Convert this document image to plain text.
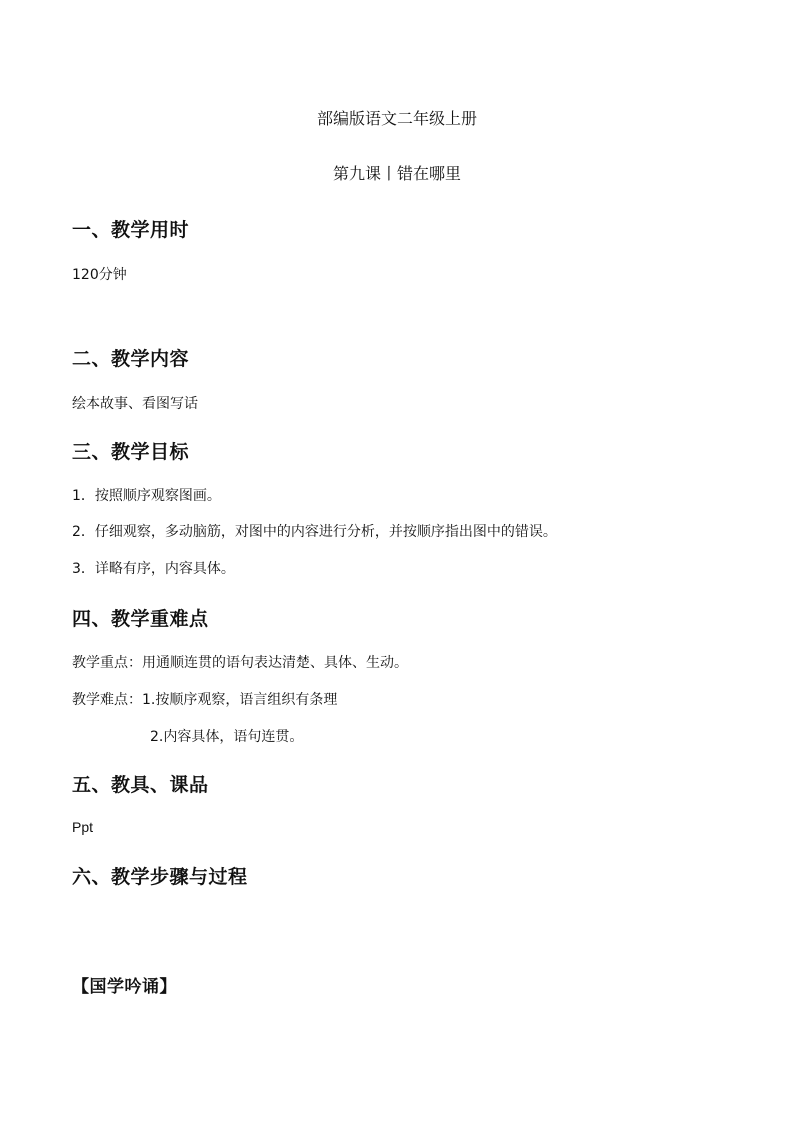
部编版语文二年级上册
第九课丨错在哪里
一、教学用时
120分钟
二、教学内容
绘本故事、看图写话
三、教学目标
1．按照顺序观察图画。
2．仔细观察，多动脑筋，对图中的内容进行分析，并按顺序指出图中的错误。
3．详略有序，内容具体。
四、教学重难点
教学重点：用通顺连贯的语句表达清楚、具体、生动。
教学难点：1.按顺序观察，语言组织有条理
2.内容具体，语句连贯。
五、教具、课品
Ppt
六、教学步骤与过程
【国学吟诵】
